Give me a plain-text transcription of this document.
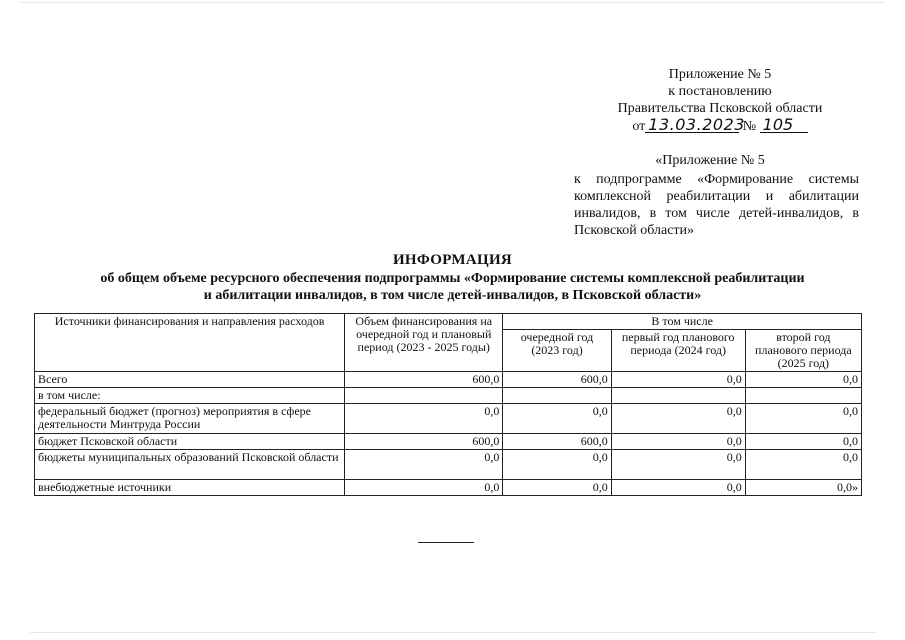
Приложение № 5
к постановлению
Правительства Псковской области
от 13.03.2023 № 105
«Приложение № 5
к подпрограмме «Формирование системы комплексной реабилитации и абилитации инвалидов, в том числе детей-инвалидов, в Псковской области»
ИНФОРМАЦИЯ
об общем объеме ресурсного обеспечения подпрограммы «Формирование системы комплексной реабилитации
и абилитации инвалидов, в том числе детей-инвалидов, в Псковской области»
Источники финансирования и направления расходов	Объем финансирования на очередной год и плановый период (2023 - 2025 годы)	В том числе		
		очередной год (2023 год)	первый год планового периода (2024 год)	второй год планового периода (2025 год)
Всего	600,0	600,0	0,0	0,0
в том числе:				
федеральный бюджет (прогноз) мероприятия в сфере деятельности Минтруда России	0,0	0,0	0,0	0,0
бюджет Псковской области	600,0	600,0	0,0	0,0
бюджеты муниципальных образований Псковской области	0,0	0,0	0,0	0,0
внебюджетные источники	0,0	0,0	0,0	0,0»
